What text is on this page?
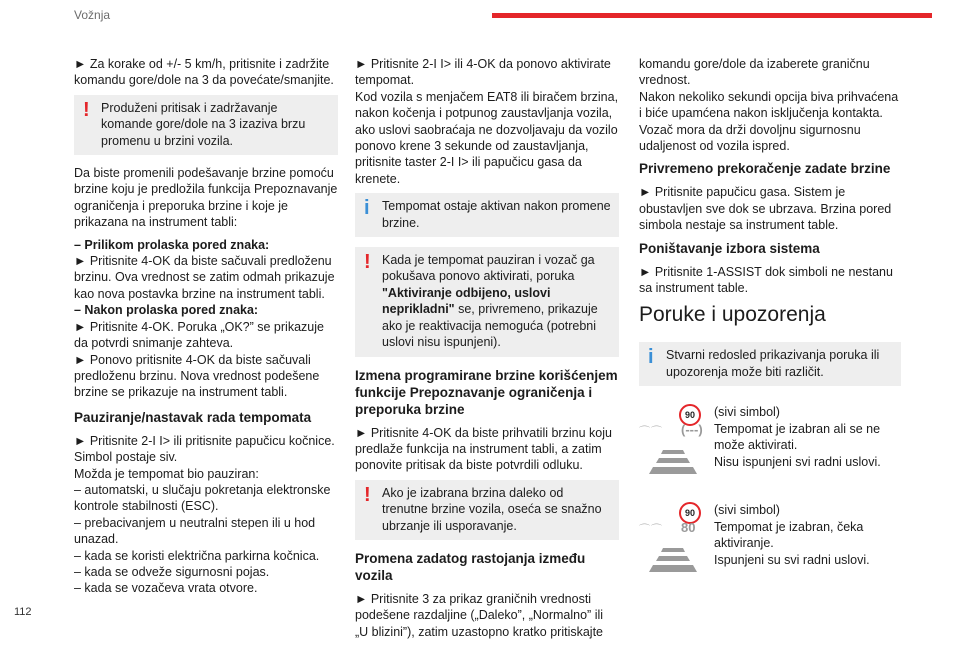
Vožnja

► Za korake od +/- 5 km/h, pritisnite i zadržite komandu gore/dole na 3 da povećate/smanjite.

! Produženi pritisak i zadržavanje komande gore/dole na 3 izaziva brzu promenu u brzini vozila.

Da biste promenili podešavanje brzine pomoću brzine koju je predložila funkcija Prepoznavanje ograničenja i preporuka brzine i koje je prikazana na instrument tabli:

– Prilikom prolaska pored znaka:

► Pritisnite 4-OK da biste sačuvali predloženu brzinu. Ova vrednost se zatim odmah prikazuje kao nova postavka brzine na instrument tabli.

– Nakon prolaska pored znaka:

► Pritisnite 4-OK. Poruka „OK?” se prikazuje da potvrdi snimanje zahteva.

► Ponovo pritisnite 4-OK da biste sačuvali predloženu brzinu. Nova vrednost podešene brzine se prikazuje na instrument tabli.

Pauziranje/nastavak rada tempomata

► Pritisnite 2-I I> ili pritisnite papučicu kočnice. Simbol postaje siv.

Možda je tempomat bio pauziran:

– automatski, u slučaju pokretanja elektronske kontrole stabilnosti (ESC).

– prebacivanjem u neutralni stepen ili u hod unazad.

– kada se koristi električna parkirna kočnica.

– kada se odveže sigurnosni pojas.

– kada se vozačeva vrata otvore.

► Pritisnite 2-I I> ili 4-OK da ponovo aktivirate tempomat.

Kod vozila s menjačem EAT8 ili biračem brzina, nakon kočenja i potpunog zaustavljanja vozila, ako uslovi saobraćaja ne dozvoljavaju da vozilo ponovo krene 3 sekunde od zaustavljanja, pritisnite taster 2-I I> ili papučicu gasa da krenete.

i Tempomat ostaje aktivan nakon promene brzine.
! Kada je tempomat pauziran i vozač ga pokušava ponovo aktivirati, poruka "Aktiviranje odbijeno, uslovi neprikladni" se, privremeno, prikazuje ako je reaktivacija nemoguća (potrebni uslovi nisu ispunjeni).
Izmena programirane brzine korišćenjem funkcije Prepoznavanje ograničenja i preporuka brzine

► Pritisnite 4-OK da biste prihvatili brzinu koju predlaže funkcija na instrument tabli, a zatim ponovite pritisak da biste potvrdili odluku.

! Ako je izabrana brzina daleko od trenutne brzine vozila, oseća se snažno ubrzanje ili usporavanje.
Promena zadatog rastojanja između vozila

► Pritisnite 3 za prikaz graničnih vrednosti podešene razdaljine („Daleko”, „Normalno” ili „U blizini”), zatim uzastopno kratko pritiskajte

komandu gore/dole da izaberete graničnu vrednost.

Nakon nekoliko sekundi opcija biva prihvaćena i biće upamćena nakon isključenja kontakta.

Vozač mora da drži dovoljnu sigurnosnu udaljenost od vozila ispred.

Privremeno prekoračenje zadate brzine

► Pritisnite papučicu gasa. Sistem je obustavljen sve dok se ubrzava. Brzina pored simbola nestaje sa instrument table.

Poništavanje izbora sistema

► Pritisnite 1-ASSIST dok simboli ne nestanu sa instrument table.

Poruke i upozorenja
i Stvarni redosled prikazivanja poruka ili upozorenja može biti različit.
90
⌒⌒ (---)
(sivi simbol)
Tempomat je izabran ali se ne može aktivirati.
Nisu ispunjeni svi radni uslovi.
90
⌒⌒ 80
(sivi simbol)
Tempomat je izabran, čeka aktiviranje.
Ispunjeni su svi radni uslovi.
112
